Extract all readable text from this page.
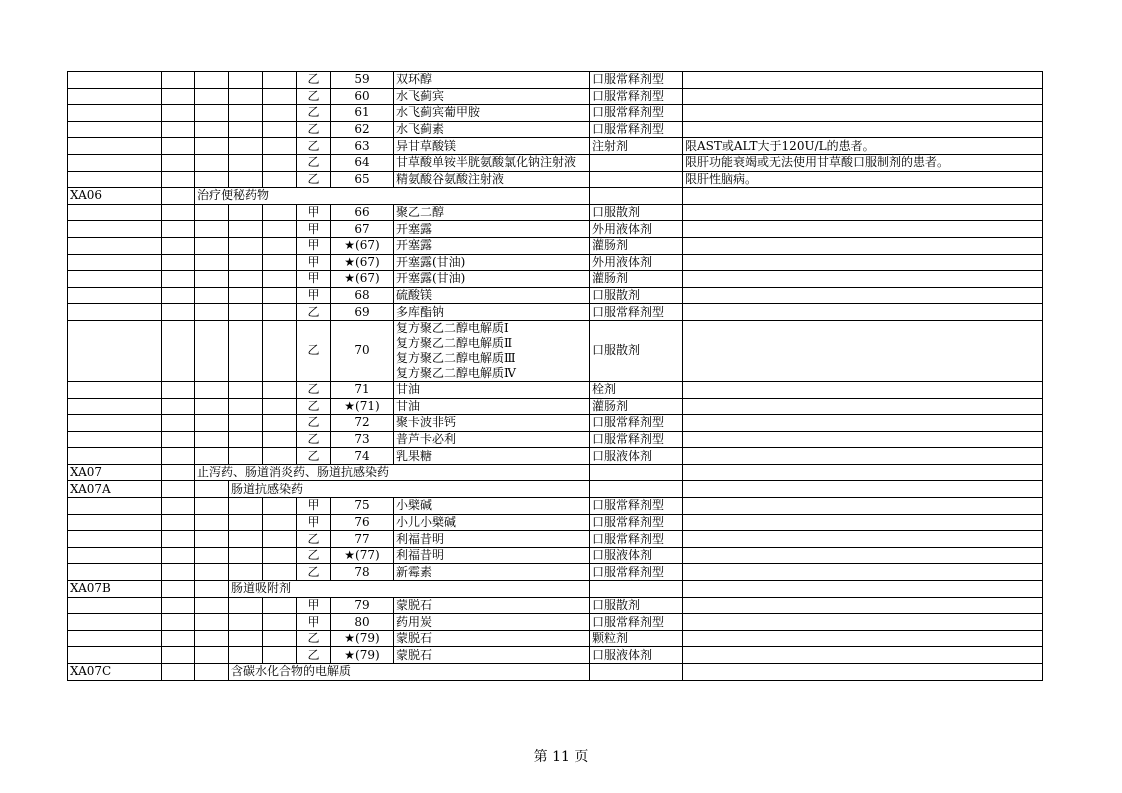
					乙	59	双环醇	口服常释剂型	
					乙	60	水飞蓟宾	口服常释剂型	
					乙	61	水飞蓟宾葡甲胺	口服常释剂型	
					乙	62	水飞蓟素	口服常释剂型	
					乙	63	异甘草酸镁	注射剂	限AST或ALT大于120U/L的患者。
					乙	64	甘草酸单铵半胱氨酸氯化钠注射液		限肝功能衰竭或无法使用甘草酸口服制剂的患者。
					乙	65	精氨酸谷氨酸注射液		限肝性脑病。
XA06		治疗便秘药物							
					甲	66	聚乙二醇	口服散剂	
					甲	67	开塞露	外用液体剂	
					甲	★(67)	开塞露	灌肠剂	
					甲	★(67)	开塞露(甘油)	外用液体剂	
					甲	★(67)	开塞露(甘油)	灌肠剂	
					甲	68	硫酸镁	口服散剂	
					乙	69	多库酯钠	口服常释剂型	
					乙	70	复方聚乙二醇电解质Ⅰ
复方聚乙二醇电解质Ⅱ
复方聚乙二醇电解质Ⅲ
复方聚乙二醇电解质Ⅳ	口服散剂	
					乙	71	甘油	栓剂	
					乙	★(71)	甘油	灌肠剂	
					乙	72	聚卡波非钙	口服常释剂型	
					乙	73	普芦卡必利	口服常释剂型	
					乙	74	乳果糖	口服液体剂	
XA07		止泻药、肠道消炎药、肠道抗感染药							
XA07A			肠道抗感染药						
					甲	75	小檗碱	口服常释剂型	
					甲	76	小儿小檗碱	口服常释剂型	
					乙	77	利福昔明	口服常释剂型	
					乙	★(77)	利福昔明	口服液体剂	
					乙	78	新霉素	口服常释剂型	
XA07B			肠道吸附剂						
					甲	79	蒙脱石	口服散剂	
					甲	80	药用炭	口服常释剂型	
					乙	★(79)	蒙脱石	颗粒剂	
					乙	★(79)	蒙脱石	口服液体剂	
XA07C			含碳水化合物的电解质						
第 11 页
